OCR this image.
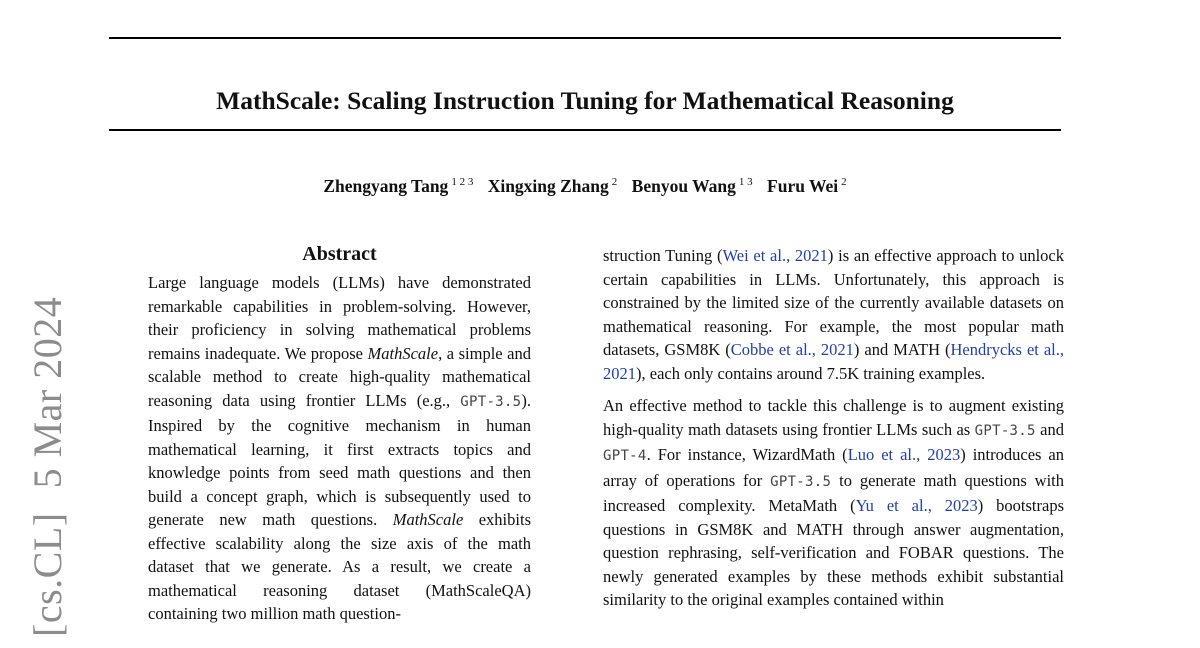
MathScale: Scaling Instruction Tuning for Mathematical Reasoning
Zhengyang Tang $^{1 2 3}$ Xingxing Zhang $^2$ Benyou Wang $^{1 3}$ Furu Wei $^2$
[cs.CL]5 Mar 2024
Abstract

Large language models (LLMs) have demonstrated remarkable capabilities in problem-solving. However, their proficiency in solving mathematical problems remains inadequate. We propose MathScale, a simple and scalable method to create high-quality mathematical reasoning data using frontier LLMs (e.g., GPT-3.5). Inspired by the cognitive mechanism in human mathematical learning, it first extracts topics and knowledge points from seed math questions and then build a concept graph, which is subsequently used to generate new math questions. MathScale exhibits effective scalability along the size axis of the math dataset that we generate. As a result, we create a mathematical reasoning dataset (MathScaleQA) containing two million math question-

struction Tuning (Wei et al., 2021) is an effective approach to unlock certain capabilities in LLMs. Unfortunately, this approach is constrained by the limited size of the currently available datasets on mathematical reasoning. For example, the most popular math datasets, GSM8K (Cobbe et al., 2021) and MATH (Hendrycks et al., 2021), each only contains around 7.5K training examples.

An effective method to tackle this challenge is to augment existing high-quality math datasets using frontier LLMs such as GPT-3.5 and GPT-4. For instance, WizardMath (Luo et al., 2023) introduces an array of operations for GPT-3.5 to generate math questions with increased complexity. MetaMath (Yu et al., 2023) bootstraps questions in GSM8K and MATH through answer augmentation, question rephrasing, self-verification and FOBAR questions. The newly generated examples by these methods exhibit substantial similarity to the original examples contained within
